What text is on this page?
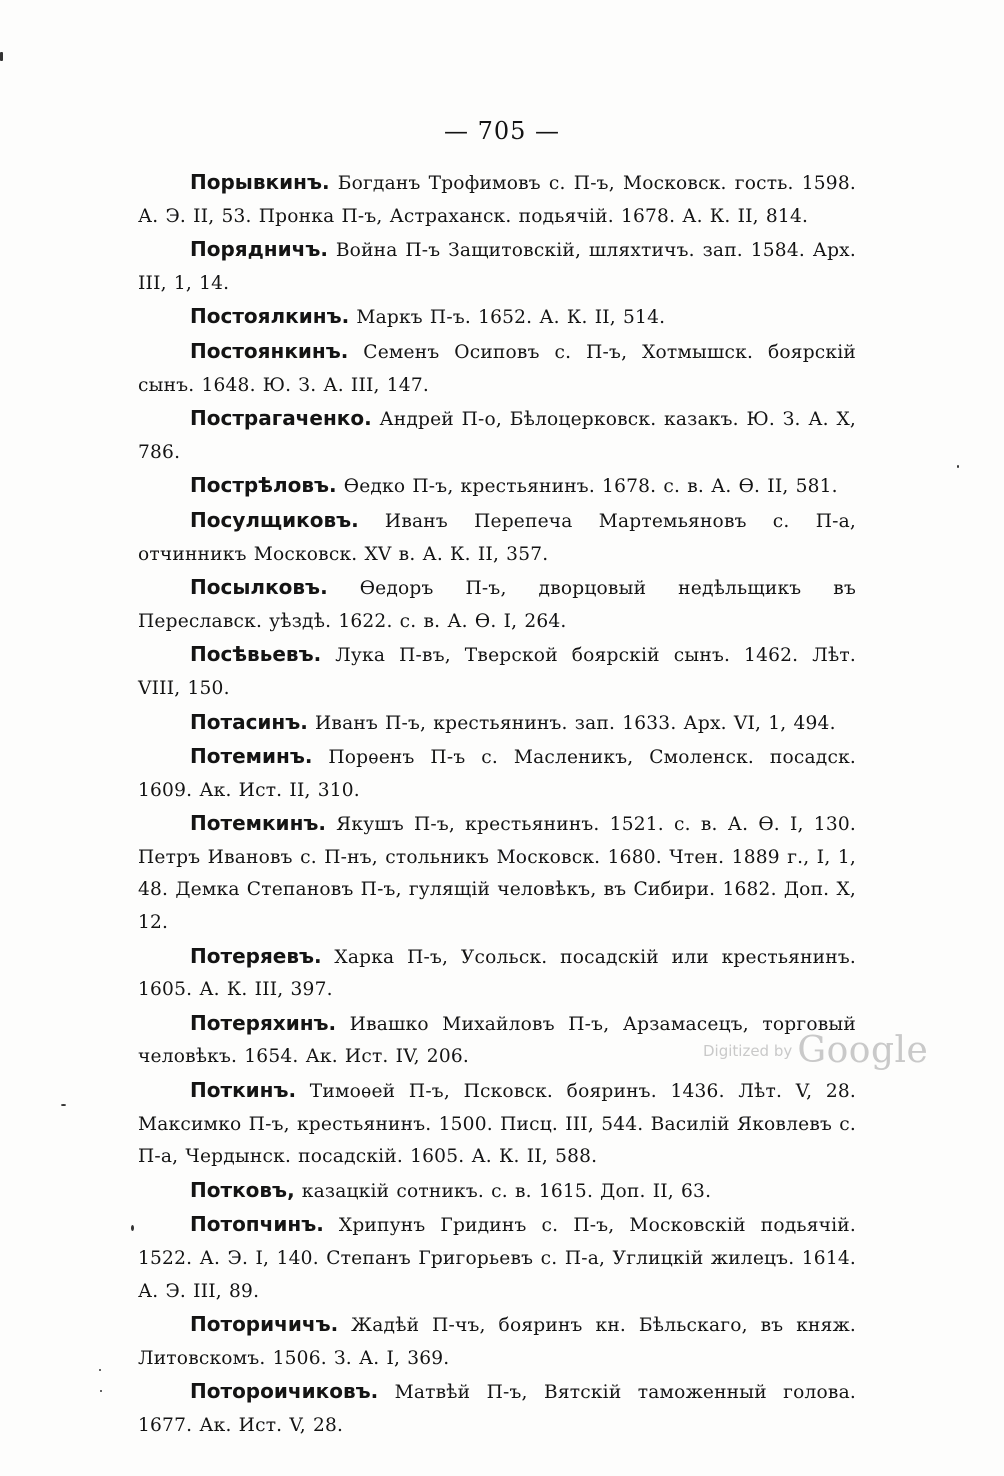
— 705 —

Порывкинъ. Богданъ Трофимовъ с. П-ъ, Московск. гость. 1598. А. Э. II, 53. Пронка П-ъ, Астраханск. подьячій. 1678. А. К. II, 814.

Порядничъ. Война П-ъ Защитовскій, шляхтичъ. зап. 1584. Арх. III, 1, 14.

Постоялкинъ. Маркъ П-ъ. 1652. А. К. II, 514.

Постоянкинъ. Семенъ Осиповъ с. П-ъ, Хотмышск. боярскій сынъ. 1648. Ю. З. А. III, 147.

Пострагаченко. Андрей П-о, Бѣлоцерковск. казакъ. Ю. З. А. X, 786.

Пострѣловъ. Ѳедко П-ъ, крестьянинъ. 1678. с. в. А. Ѳ. II, 581.

Посулщиковъ. Иванъ Перепеча Мартемьяновъ с. П-а, отчинникъ Московск. XV в. А. К. II, 357.

Посылковъ. Ѳедоръ П-ъ, дворцовый недѣльщикъ въ Переславск. уѣздѣ. 1622. с. в. А. Ѳ. I, 264.

Посѣвьевъ. Лука П-въ, Тверской боярскій сынъ. 1462. Лѣт. VIII, 150.

Потасинъ. Иванъ П-ъ, крестьянинъ. зап. 1633. Арх. VI, 1, 494.

Потеминъ. Порѳенъ П-ъ с. Масленикъ, Смоленск. посадск. 1609. Ак. Ист. II, 310.

Потемкинъ. Якушъ П-ъ, крестьянинъ. 1521. с. в. А. Ѳ. I, 130. Петръ Ивановъ с. П-нъ, стольникъ Московск. 1680. Чтен. 1889 г., I, 1, 48. Демка Степановъ П-ъ, гулящій человѣкъ, въ Сибири. 1682. Доп. X, 12.

Потеряевъ. Харка П-ъ, Усольск. посадскій или крестьянинъ. 1605. А. К. III, 397.

Потеряхинъ. Ивашко Михайловъ П-ъ, Арзамасецъ, торговый человѣкъ. 1654. Ак. Ист. IV, 206.

Поткинъ. Тимоѳей П-ъ, Псковск. бояринъ. 1436. Лѣт. V, 28. Максимко П-ъ, крестьянинъ. 1500. Писц. III, 544. Василій Яковлевъ с. П-а, Чердынск. посадскій. 1605. А. К. II, 588.

Потковъ, казацкій сотникъ. с. в. 1615. Доп. II, 63.

Потопчинъ. Хрипунъ Гридинъ с. П-ъ, Московскій подьячій. 1522. А. Э. I, 140. Степанъ Григорьевъ с. П-а, Углицкій жилецъ. 1614. А. Э. III, 89.

Поторичичъ. Жадѣй П-чъ, бояринъ кн. Бѣльскаго, въ княж. Литовскомъ. 1506. З. А. I, 369.

Потороичиковъ. Матвѣй П-ъ, Вятскій таможенный голова. 1677. Ак. Ист. V, 28.

Digitized by Google
